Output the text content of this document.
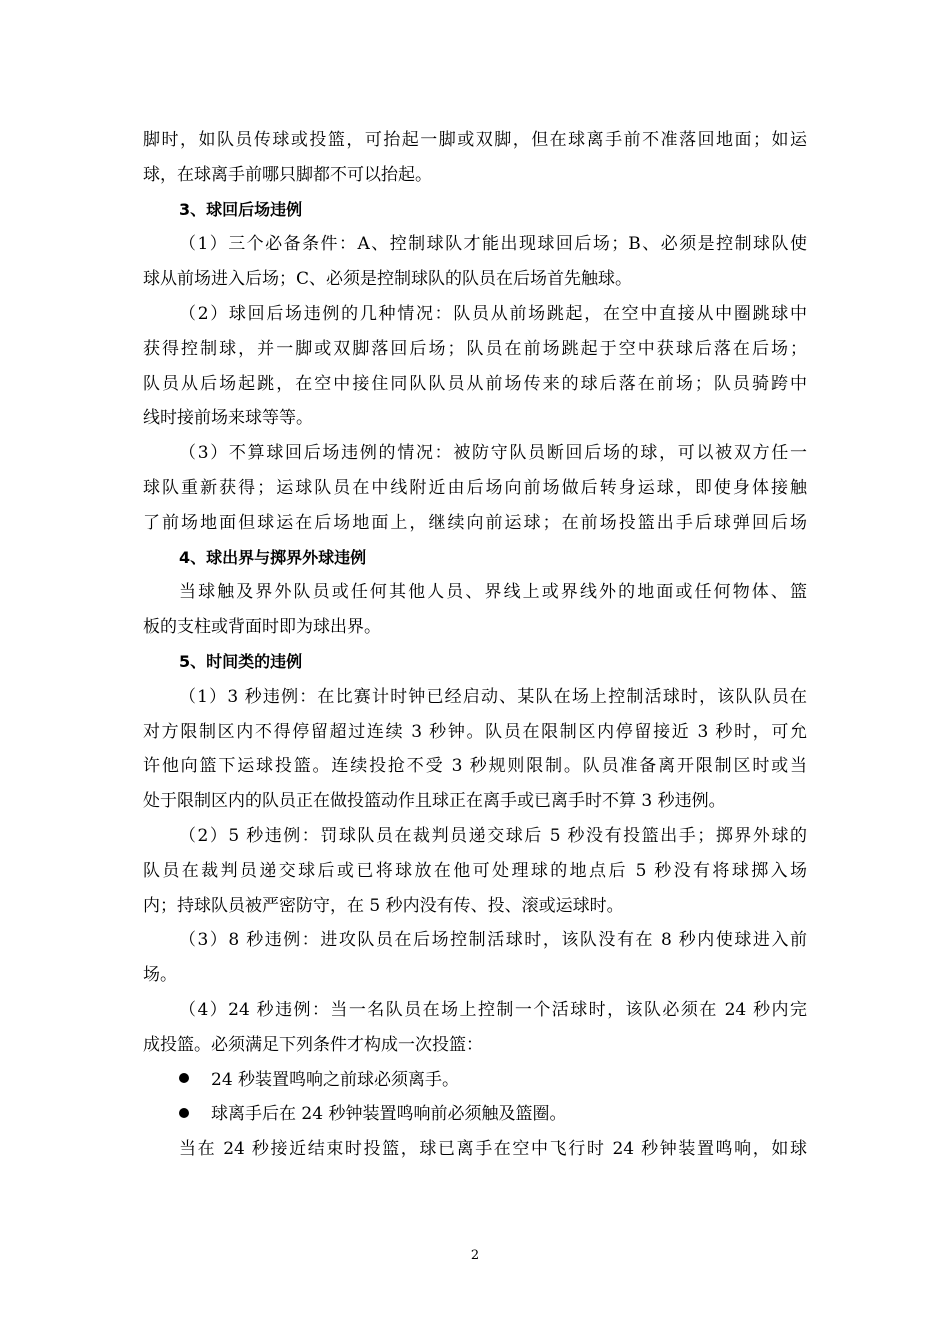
脚时，如队员传球或投篮，可抬起一脚或双脚，但在球离手前不准落回地面；如运
球，在球离手前哪只脚都不可以抬起。
3、球回后场违例
（1）三个必备条件：A、控制球队才能出现球回后场；B、必须是控制球队使
球从前场进入后场；C、必须是控制球队的队员在后场首先触球。
（2）球回后场违例的几种情况：队员从前场跳起，在空中直接从中圈跳球中
获得控制球，并一脚或双脚落回后场；队员在前场跳起于空中获球后落在后场；
队员从后场起跳，在空中接住同队队员从前场传来的球后落在前场；队员骑跨中
线时接前场来球等等。
（3）不算球回后场违例的情况：被防守队员断回后场的球，可以被双方任一
球队重新获得；运球队员在中线附近由后场向前场做后转身运球，即使身体接触
了前场地面但球运在后场地面上，继续向前运球；在前场投篮出手后球弹回后场
4、球出界与掷界外球违例
当球触及界外队员或任何其他人员、界线上或界线外的地面或任何物体、篮
板的支柱或背面时即为球出界。
5、时间类的违例
（1）3 秒违例：在比赛计时钟已经启动、某队在场上控制活球时，该队队员在
对方限制区内不得停留超过连续 3 秒钟。队员在限制区内停留接近 3 秒时，可允
许他向篮下运球投篮。连续投抢不受 3 秒规则限制。队员准备离开限制区时或当
处于限制区内的队员正在做投篮动作且球正在离手或已离手时不算 3 秒违例。
（2）5 秒违例：罚球队员在裁判员递交球后 5 秒没有投篮出手；掷界外球的
队员在裁判员递交球后或已将球放在他可处理球的地点后 5 秒没有将球掷入场
内；持球队员被严密防守，在 5 秒内没有传、投、滚或运球时。
（3）8 秒违例：进攻队员在后场控制活球时，该队没有在 8 秒内使球进入前
场。
（4）24 秒违例：当一名队员在场上控制一个活球时，该队必须在 24 秒内完
成投篮。必须满足下列条件才构成一次投篮：
24 秒装置鸣响之前球必须离手。
球离手后在 24 秒钟装置鸣响前必须触及篮圈。
当在 24 秒接近结束时投篮，球已离手在空中飞行时 24 秒钟装置鸣响，如球
2
